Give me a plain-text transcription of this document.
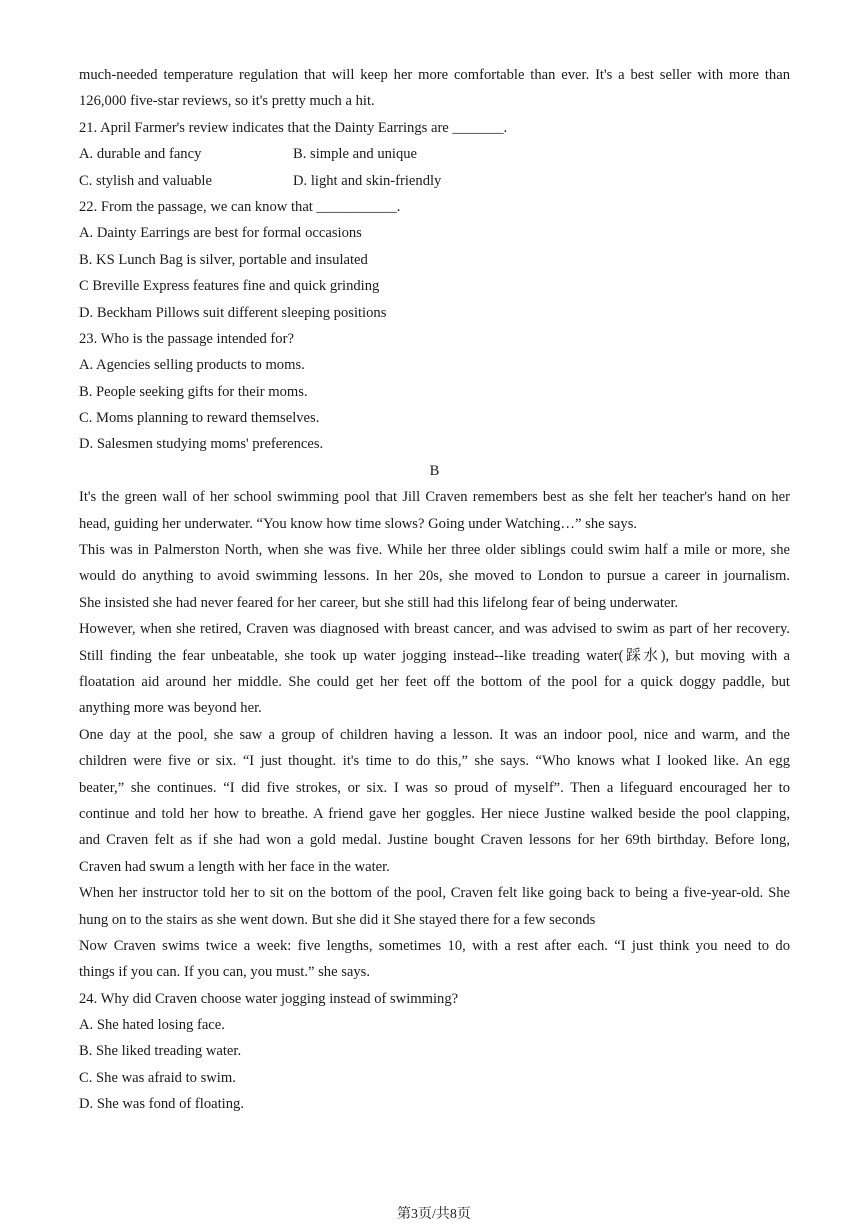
much-needed temperature regulation that will keep her more comfortable than ever. It's a best seller with more than
126,000 five-star reviews, so it's pretty much a hit.
21. April Farmer's review indicates that the Dainty Earrings are _______.
A. durable and fancy	B. simple and unique
C. stylish and valuable	D. light and skin-friendly
22. From the passage, we can know that ___________.
A. Dainty Earrings are best for formal occasions
B. KS Lunch Bag is silver, portable and insulated
C Breville Express features fine and quick grinding
D. Beckham Pillows suit different sleeping positions
23. Who is the passage intended for?
A. Agencies selling products to moms.
B. People seeking gifts for their moms.
C. Moms planning to reward themselves.
D. Salesmen studying moms' preferences.
B
It's the green wall of her school swimming pool that Jill Craven remembers best as she felt her teacher's hand on her
head, guiding her underwater. “You know how time slows? Going under Watching…” she says.
This was in Palmerston North, when she was five. While her three older siblings could swim half a mile or more, she
would do anything to avoid swimming lessons. In her 20s, she moved to London to pursue a career in journalism.
She insisted she had never feared for her career, but she still had this lifelong fear of being underwater.
However, when she retired, Craven was diagnosed with breast cancer, and was advised to swim as part of her recovery.
Still finding the fear unbeatable, she took up water jogging instead--like treading water(踩水), but moving with a
floatation aid around her middle. She could get her feet off the bottom of the pool for a quick doggy paddle, but
anything more was beyond her.
One day at the pool, she saw a group of children having a lesson. It was an indoor pool, nice and warm, and the
children were five or six. “I just thought. it's time to do this,” she says. “Who knows what I looked like. An egg
beater,” she continues. “I did five strokes, or six. I was so proud of myself”. Then a lifeguard encouraged her to
continue and told her how to breathe. A friend gave her goggles. Her niece Justine walked beside the pool clapping,
and Craven felt as if she had won a gold medal. Justine bought Craven lessons for her 69th birthday. Before long,
Craven had swum a length with her face in the water.
When her instructor told her to sit on the bottom of the pool, Craven felt like going back to being a five-year-old. She
hung on to the stairs as she went down. But she did it She stayed there for a few seconds
Now Craven swims twice a week: five lengths, sometimes 10, with a rest after each. “I just think you need to do
things if you can. If you can, you must.” she says.
24. Why did Craven choose water jogging instead of swimming?
A. She hated losing face.
B. She liked treading water.
C. She was afraid to swim.
D. She was fond of floating.
第3页/共8页
